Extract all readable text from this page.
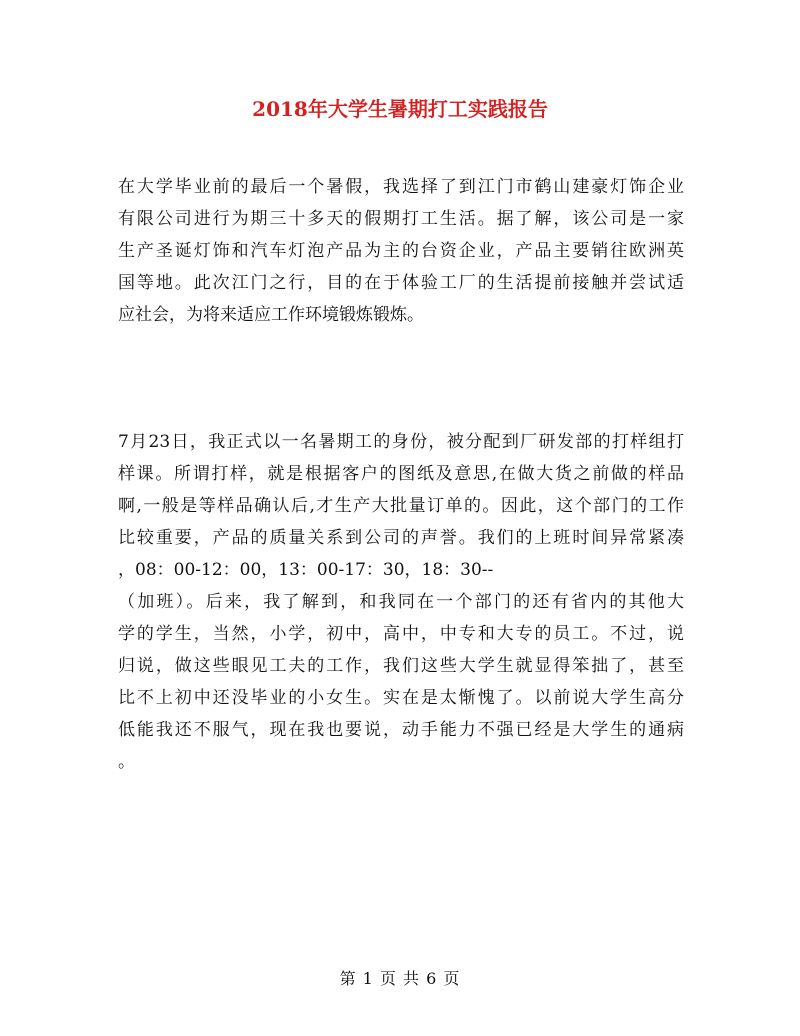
2018年大学生暑期打工实践报告
在大学毕业前的最后一个暑假，我选择了到江门市鹤山建豪灯饰企业
有限公司进行为期三十多天的假期打工生活。据了解，该公司是一家
生产圣诞灯饰和汽车灯泡产品为主的台资企业，产品主要销往欧洲英
国等地。此次江门之行，目的在于体验工厂的生活提前接触并尝试适
应社会，为将来适应工作环境锻炼锻炼。
7月23日，我正式以一名暑期工的身份，被分配到厂研发部的打样组打
样课。所谓打样，就是根据客户的图纸及意思,在做大货之前做的样品
啊,一般是等样品确认后,才生产大批量订单的。因此，这个部门的工作
比较重要，产品的质量关系到公司的声誉。我们的上班时间异常紧凑
，08：00-12：00，13：00-17：30，18：30--
（加班）。后来，我了解到，和我同在一个部门的还有省内的其他大
学的学生，当然，小学，初中，高中，中专和大专的员工。不过，说
归说，做这些眼见工夫的工作，我们这些大学生就显得笨拙了，甚至
比不上初中还没毕业的小女生。实在是太惭愧了。以前说大学生高分
低能我还不服气，现在我也要说，动手能力不强已经是大学生的通病
。
第 1 页 共 6 页
